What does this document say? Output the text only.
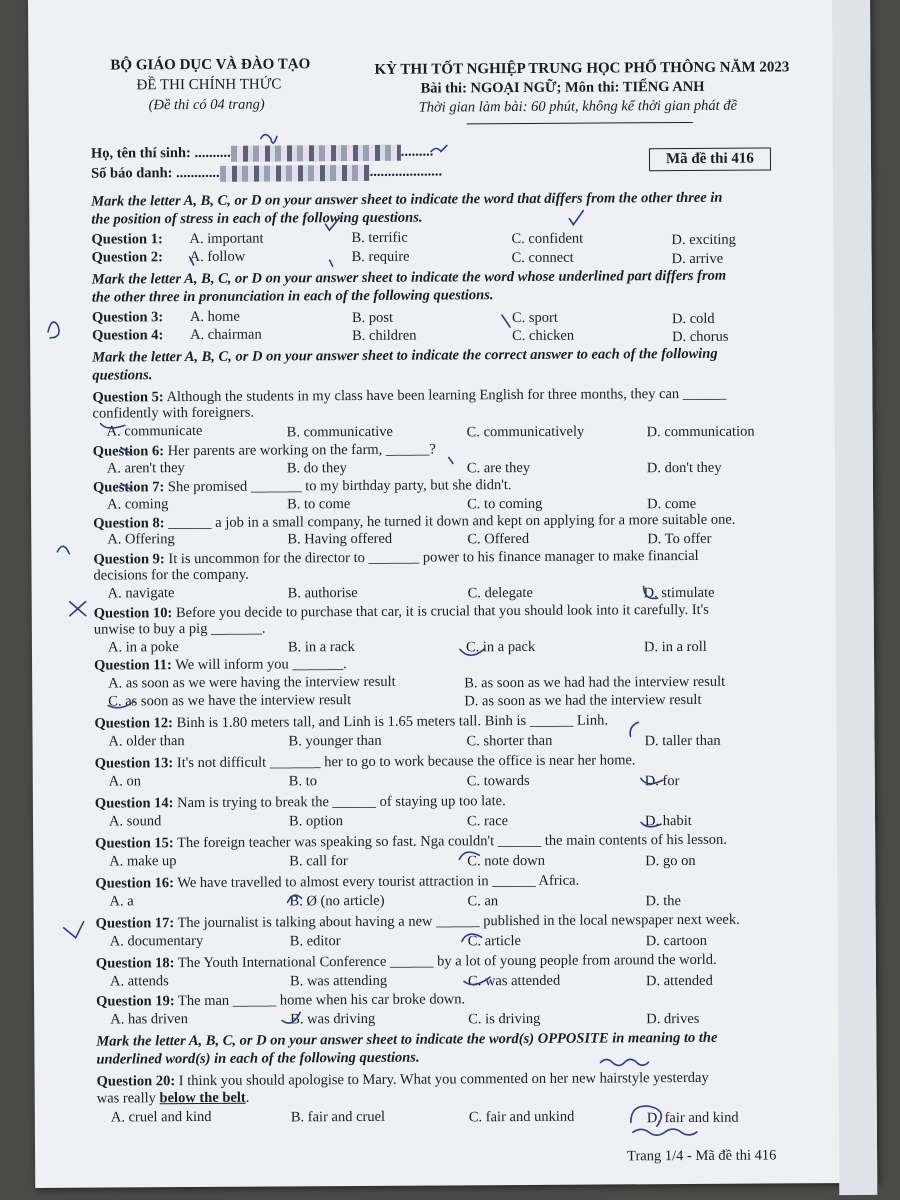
BỘ GIÁO DỤC VÀ ĐÀO TẠO
ĐỀ THI CHÍNH THỨC
(Đề thi có 04 trang)
KỲ THI TỐT NGHIỆP TRUNG HỌC PHỔ THÔNG NĂM 2023
Bài thi: NGOẠI NGỮ; Môn thi: TIẾNG ANH
Thời gian làm bài: 60 phút, không kể thời gian phát đề
Họ, tên thí sinh: ..........	.........
Số báo danh: ............	....................
Mã đề thi 416
Mark the letter A, B, C, or D on your answer sheet to indicate the word that differs from the other three in
the position of stress in each of the following questions.
Question 1: A. important	B. terrific	C. confident	D. exciting
Question 2: A. follow	B. require	C. connect	D. arrive
Mark the letter A, B, C, or D on your answer sheet to indicate the word whose underlined part differs from
the other three in pronunciation in each of the following questions.
Question 3: A. home	B. post	C. sport	D. cold
Question 4: A. chairman	B. children	C. chicken	D. chorus
Mark the letter A, B, C, or D on your answer sheet to indicate the correct answer to each of the following
questions.
Question 5: Although the students in my class have been learning English for three months, they can ______
confidently with foreigners.
A. communicate	B. communicative	C. communicatively	D. communication
Question 6: Her parents are working on the farm, ______?
A. aren't they	B. do they	C. are they	D. don't they
Question 7: She promised _______ to my birthday party, but she didn't.
A. coming	B. to come	C. to coming	D. come
Question 8: ______ a job in a small company, he turned it down and kept on applying for a more suitable one.
A. Offering	B. Having offered	C. Offered	D. To offer
Question 9: It is uncommon for the director to _______ power to his finance manager to make financial
decisions for the company.
A. navigate	B. authorise	C. delegate	D. stimulate
Question 10: Before you decide to purchase that car, it is crucial that you should look into it carefully. It's
unwise to buy a pig _______.
A. in a poke	B. in a rack	C. in a pack	D. in a roll
Question 11: We will inform you _______.
A. as soon as we were having the interview result	B. as soon as we had had the interview result
C. as soon as we have the interview result	D. as soon as we had the interview result
Question 12: Binh is 1.80 meters tall, and Linh is 1.65 meters tall. Binh is ______ Linh.
A. older than	B. younger than	C. shorter than	D. taller than
Question 13: It's not difficult _______ her to go to work because the office is near her home.
A. on	B. to	C. towards	D. for
Question 14: Nam is trying to break the ______ of staying up too late.
A. sound	B. option	C. race	D. habit
Question 15: The foreign teacher was speaking so fast. Nga couldn't ______ the main contents of his lesson.
A. make up	B. call for	C. note down	D. go on
Question 16: We have travelled to almost every tourist attraction in ______ Africa.
A. a	B. Ø (no article)	C. an	D. the
Question 17: The journalist is talking about having a new ______ published in the local newspaper next week.
A. documentary	B. editor	C. article	D. cartoon
Question 18: The Youth International Conference ______ by a lot of young people from around the world.
A. attends	B. was attending	C. was attended	D. attended
Question 19: The man ______ home when his car broke down.
A. has driven	B. was driving	C. is driving	D. drives
Mark the letter A, B, C, or D on your answer sheet to indicate the word(s) OPPOSITE in meaning to the
underlined word(s) in each of the following questions.
Question 20: I think you should apologise to Mary. What you commented on her new hairstyle yesterday
was really below the belt.
A. cruel and kind	B. fair and cruel	C. fair and unkind	D. fair and kind
Trang 1/4 - Mã đề thi 416
